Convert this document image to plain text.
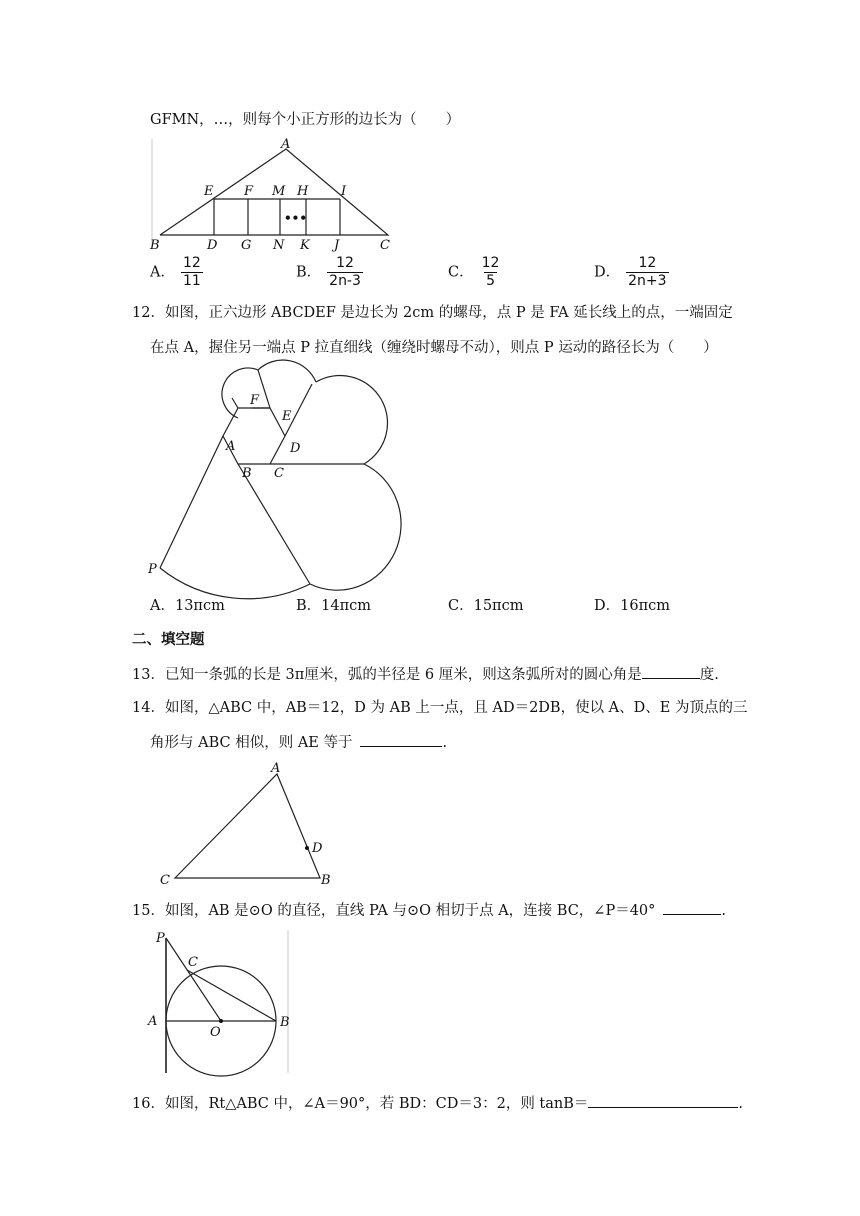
GFMN，…，则每个小正方形的边长为（　　）
A
E F M H	I
B	D G N K J	C
•••
A． $\frac{12}{11}$	B． $\frac{12}{2n-3}$	C． $\frac{12}{5}$	D． $\frac{12}{2n+3}$
12．如图，正六边形 ABCDEF 是边长为 2cm 的螺母，点 P 是 FA 延长线上的点，一端固定
在点 A，握住另一端点 P 拉直细线（缠绕时螺母不动），则点 P 运动的路径长为（　　）
F
E
A	D
B C
P
A．13πcm	B．14πcm	C．15πcm	D．16πcm
二、填空题
13．已知一条弧的长是 3π厘米，弧的半径是 6 厘米，则这条弧所对的圆心角是	度.
14．如图，△ABC 中，AB＝12，D 为 AB 上一点，且 AD＝2DB，使以 A、D、E 为顶点的三
角形与 ABC 相似，则 AE 等于	.
A
D
C	B
15．如图，AB 是⊙O 的直径，直线 PA 与⊙O 相切于点 A，连接 BC，∠P＝40°	.
P
C
A
O
B
16．如图，Rt△ABC 中，∠A＝90°，若 BD：CD＝3：2，则 tanB＝	.
